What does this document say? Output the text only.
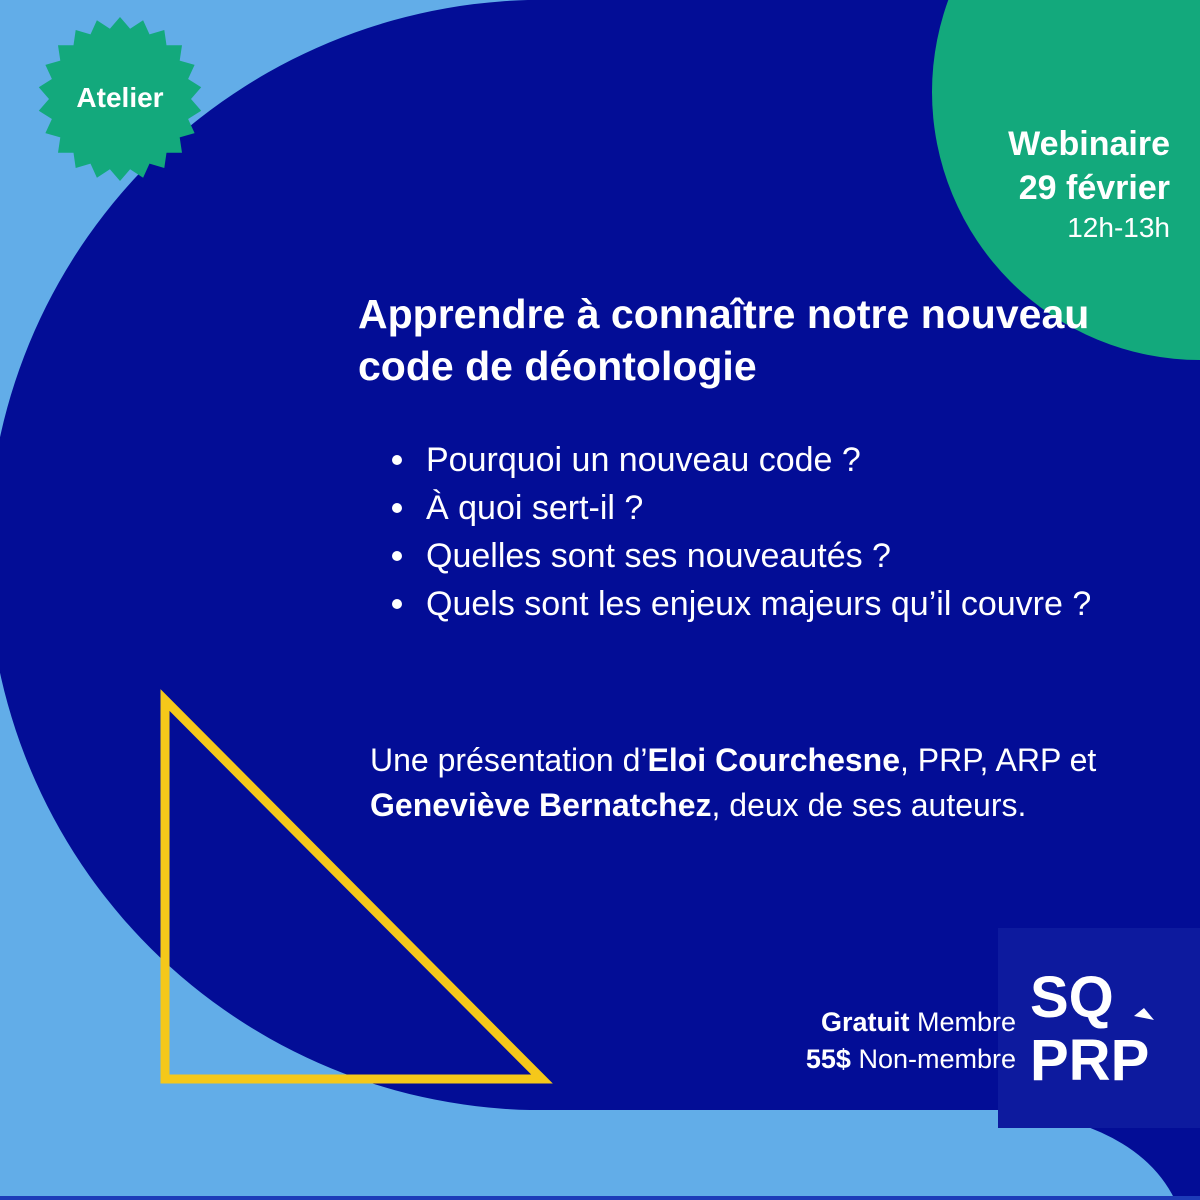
Atelier
Webinaire
29 février
12h-13h
Apprendre à connaître notre nouveau code de déontologie
Pourquoi un nouveau code ?
À quoi sert-il ?
Quelles sont ses nouveautés ?
Quels sont les enjeux majeurs qu’il couvre ?

Une présentation d’Eloi Courchesne, PRP, ARP et Geneviève Bernatchez, deux de ses auteurs.

Gratuit Membre
55$ Non-membre
SQ
PRP
